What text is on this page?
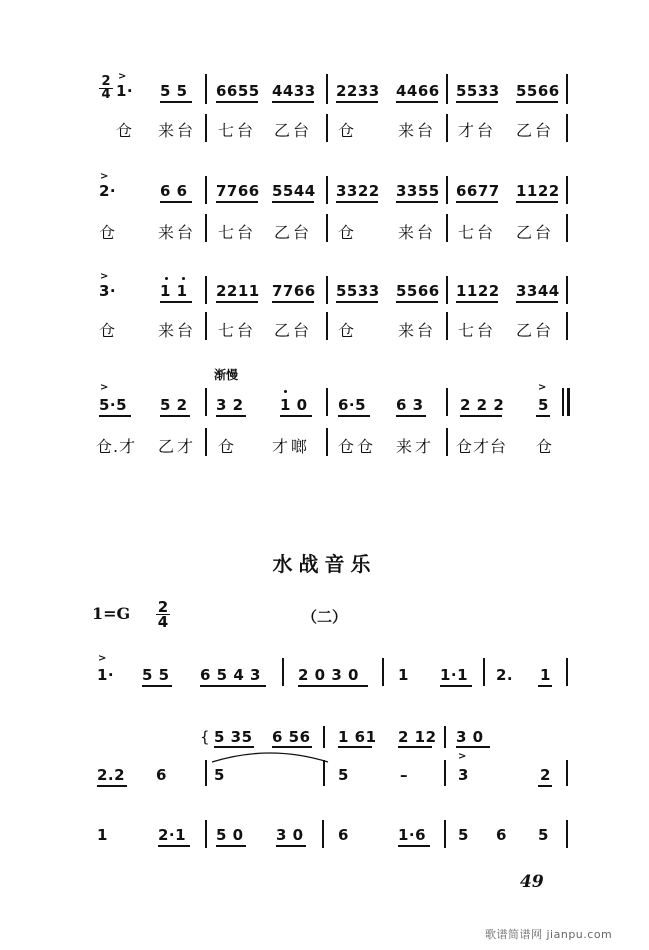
2
4
>
1· 5 5 6655 4433 2233 4466 5533 5566
仓 来台 七台 乙台 仓	来台 才台 乙台
>
2·	6 6 7766 5544 3322 3355 6677 1122
仓 来台 七台 乙台 仓	来台 七台 乙台
>
3·	1 1 2211 7766 5533 5566 1122 3344
仓 来台 七台 乙台 仓	来台 七台 乙台
渐慢
>
5·5 5 2 3 2 1 0 6·5 6 3 2 2 2
>
5
仓.才 乙才 仓 才啷 仓仓 来才 仓才台 仓
水战音乐
1=G 2
4	（二）
>
1· 5 5 6 5 4 3 2 0 3 0	1 1·1 2. 1
{ 5 35 6 56 1 61 2 12 3 0
2.2 6	5	5	–
>
3	2
1	2·1 5 0 3 0 6	1·6 5 6 5
49
歌谱简谱网 jianpu.com
